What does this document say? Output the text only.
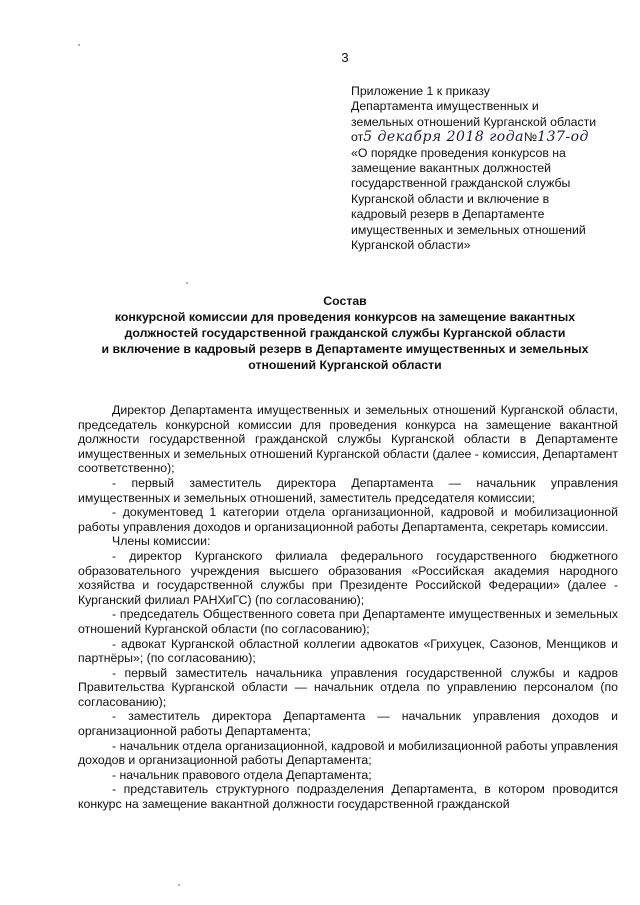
3
Приложение 1 к приказу
Департамента имущественных и
земельных отношений Курганской области
от5 декабря 2018 года№137-од
«О порядке проведения конкурсов на
замещение вакантных должностей
государственной гражданской службы
Курганской области и включение в
кадровый резерв в Департаменте
имущественных и земельных отношений
Курганской области»
Состав
конкурсной комиссии для проведения конкурсов на замещение вакантных
должностей государственной гражданской службы Курганской области
и включение в кадровый резерв в Департаменте имущественных и земельных
отношений Курганской области

Директор Департамента имущественных и земельных отношений Курганской области, председатель конкурсной комиссии для проведения конкурса на замещение вакантной должности государственной гражданской службы Курганской области в Департаменте имущественных и земельных отношений Курганской области (далее - комиссия, Департамент соответственно);

- первый заместитель директора Департамента — начальник управления имущественных и земельных отношений, заместитель председателя комиссии;

- документовед 1 категории отдела организационной, кадровой и мобилизационной работы управления доходов и организационной работы Департамента, секретарь комиссии.

Члены комиссии:

- директор Курганского филиала федерального государственного бюджетного образовательного учреждения высшего образования «Российская академия народного хозяйства и государственной службы при Президенте Российской Федерации» (далее - Курганский филиал РАНХиГС) (по согласованию);

- председатель Общественного совета при Департаменте имущественных и земельных отношений Курганской области (по согласованию);

- адвокат Курганской областной коллегии адвокатов «Грихуцек, Сазонов, Менщиков и партнёры»; (по согласованию);

- первый заместитель начальника управления государственной службы и кадров Правительства Курганской области — начальник отдела по управлению персоналом (по согласованию);

- заместитель директора Департамента — начальник управления доходов и организационной работы Департамента;

- начальник отдела организационной, кадровой и мобилизационной работы управления доходов и организационной работы Департамента;

- начальник правового отдела Департамента;

- представитель структурного подразделения Департамента, в котором проводится конкурс на замещение вакантной должности государственной гражданской
